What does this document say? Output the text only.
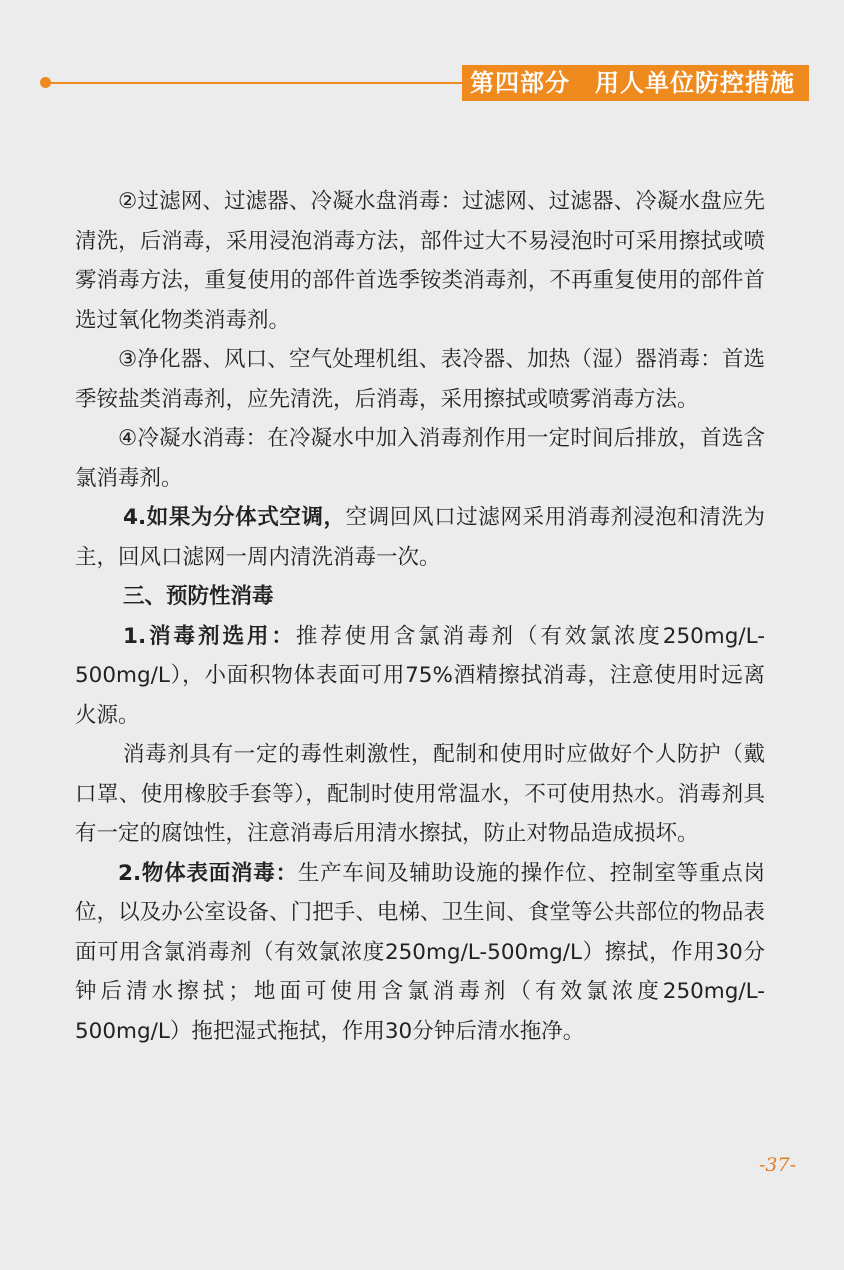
第四部分　用人单位防控措施

②过滤网、过滤器、冷凝水盘消毒：过滤网、过滤器、冷凝水盘应先清洗，后消毒，采用浸泡消毒方法，部件过大不易浸泡时可采用擦拭或喷雾消毒方法，重复使用的部件首选季铵类消毒剂，不再重复使用的部件首选过氧化物类消毒剂。

③净化器、风口、空气处理机组、表冷器、加热（湿）器消毒：首选季铵盐类消毒剂，应先清洗，后消毒，采用擦拭或喷雾消毒方法。

④冷凝水消毒：在冷凝水中加入消毒剂作用一定时间后排放，首选含氯消毒剂。

4.如果为分体式空调，空调回风口过滤网采用消毒剂浸泡和清洗为主，回风口滤网一周内清洗消毒一次。

三、预防性消毒

1.消毒剂选用：推荐使用含氯消毒剂（有效氯浓度250mg/L-500mg/L），小面积物体表面可用75%酒精擦拭消毒，注意使用时远离火源。

消毒剂具有一定的毒性刺激性，配制和使用时应做好个人防护（戴口罩、使用橡胶手套等），配制时使用常温水，不可使用热水。消毒剂具有一定的腐蚀性，注意消毒后用清水擦拭，防止对物品造成损坏。

2.物体表面消毒：生产车间及辅助设施的操作位、控制室等重点岗位，以及办公室设备、门把手、电梯、卫生间、食堂等公共部位的物品表面可用含氯消毒剂（有效氯浓度250mg/L-500mg/L）擦拭，作用30分钟后清水擦拭；地面可使用含氯消毒剂（有效氯浓度250mg/L-500mg/L）拖把湿式拖拭，作用30分钟后清水拖净。

-37-
